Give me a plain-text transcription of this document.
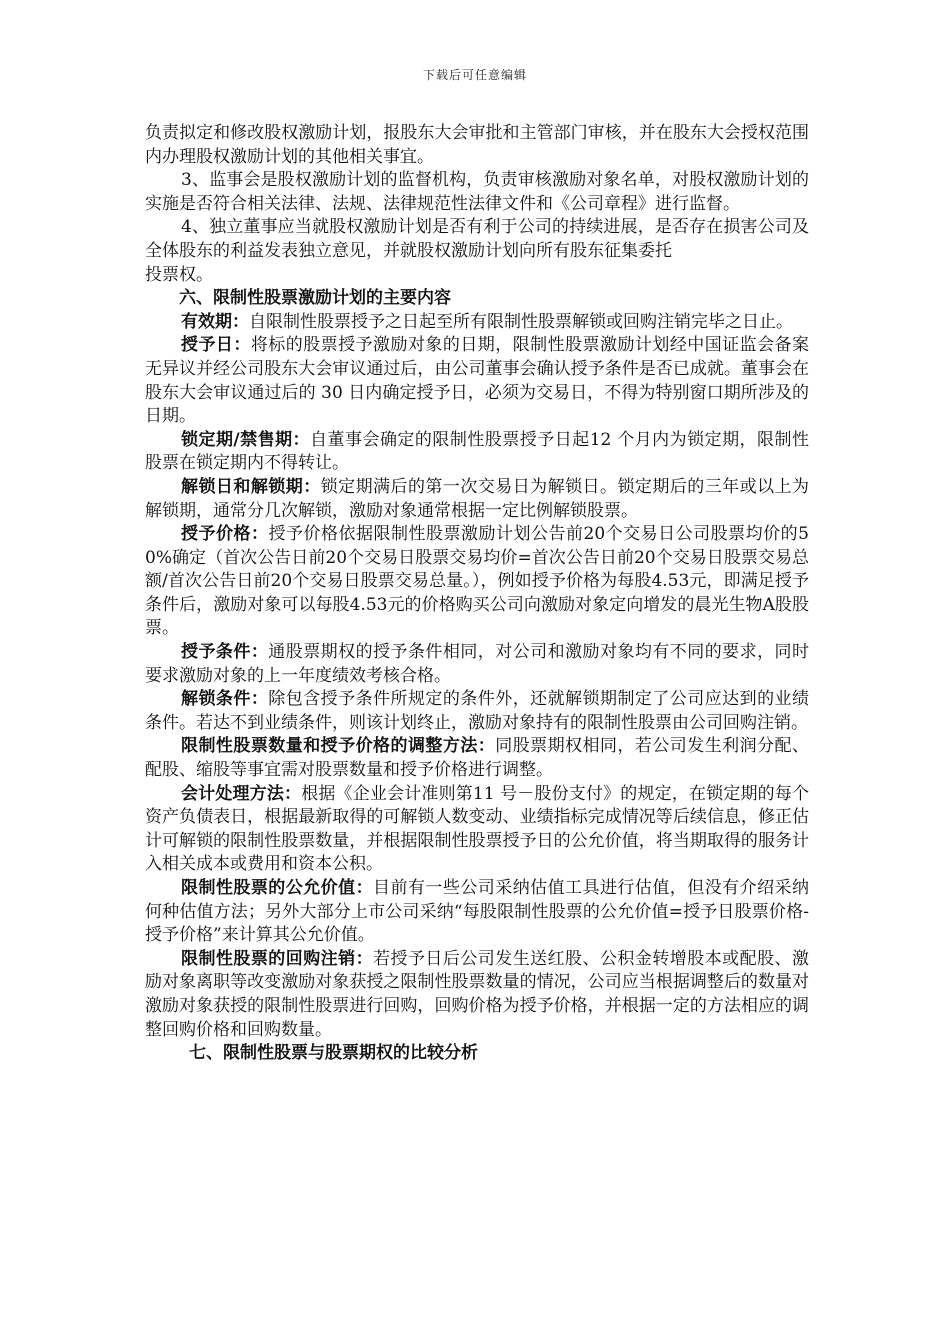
下载后可任意编辑

负责拟定和修改股权激励计划，报股东大会审批和主管部门审核，并在股东大会授权范围内办理股权激励计划的其他相关事宜。

3、监事会是股权激励计划的监督机构，负责审核激励对象名单，对股权激励计划的实施是否符合相关法律、法规、法律规范性法律文件和《公司章程》进行监督。

4、独立董事应当就股权激励计划是否有利于公司的持续进展，是否存在损害公司及全体股东的利益发表独立意见，并就股权激励计划向所有股东征集委托

投票权。

六、限制性股票激励计划的主要内容

有效期：自限制性股票授予之日起至所有限制性股票解锁或回购注销完毕之日止。

授予日：将标的股票授予激励对象的日期，限制性股票激励计划经中国证监会备案无异议并经公司股东大会审议通过后，由公司董事会确认授予条件是否已成就。董事会在股东大会审议通过后的 30 日内确定授予日，必须为交易日，不得为特别窗口期所涉及的日期。

锁定期/禁售期：自董事会确定的限制性股票授予日起12 个月内为锁定期，限制性股票在锁定期内不得转让。

解锁日和解锁期：锁定期满后的第一次交易日为解锁日。锁定期后的三年或以上为解锁期，通常分几次解锁，激励对象通常根据一定比例解锁股票。

授予价格：授予价格依据限制性股票激励计划公告前20个交易日公司股票均价的50%确定（首次公告日前20个交易日股票交易均价=首次公告日前20个交易日股票交易总额/首次公告日前20个交易日股票交易总量。），例如授予价格为每股4.53元，即满足授予条件后，激励对象可以每股4.53元的价格购买公司向激励对象定向增发的晨光生物A股股票。

授予条件：通股票期权的授予条件相同，对公司和激励对象均有不同的要求，同时要求激励对象的上一年度绩效考核合格。

解锁条件：除包含授予条件所规定的条件外，还就解锁期制定了公司应达到的业绩条件。若达不到业绩条件，则该计划终止，激励对象持有的限制性股票由公司回购注销。

限制性股票数量和授予价格的调整方法：同股票期权相同，若公司发生利润分配、配股、缩股等事宜需对股票数量和授予价格进行调整。

会计处理方法：根据《企业会计准则第11 号－股份支付》的规定，在锁定期的每个资产负债表日，根据最新取得的可解锁人数变动、业绩指标完成情况等后续信息，修正估计可解锁的限制性股票数量，并根据限制性股票授予日的公允价值，将当期取得的服务计入相关成本或费用和资本公积。

限制性股票的公允价值：目前有一些公司采纳估值工具进行估值，但没有介绍采纳何种估值方法；另外大部分上市公司采纳“每股限制性股票的公允价值=授予日股票价格-授予价格”来计算其公允价值。

限制性股票的回购注销：若授予日后公司发生送红股、公积金转增股本或配股、激励对象离职等改变激励对象获授之限制性股票数量的情况，公司应当根据调整后的数量对激励对象获授的限制性股票进行回购，回购价格为授予价格，并根据一定的方法相应的调整回购价格和回购数量。

七、限制性股票与股票期权的比较分析
